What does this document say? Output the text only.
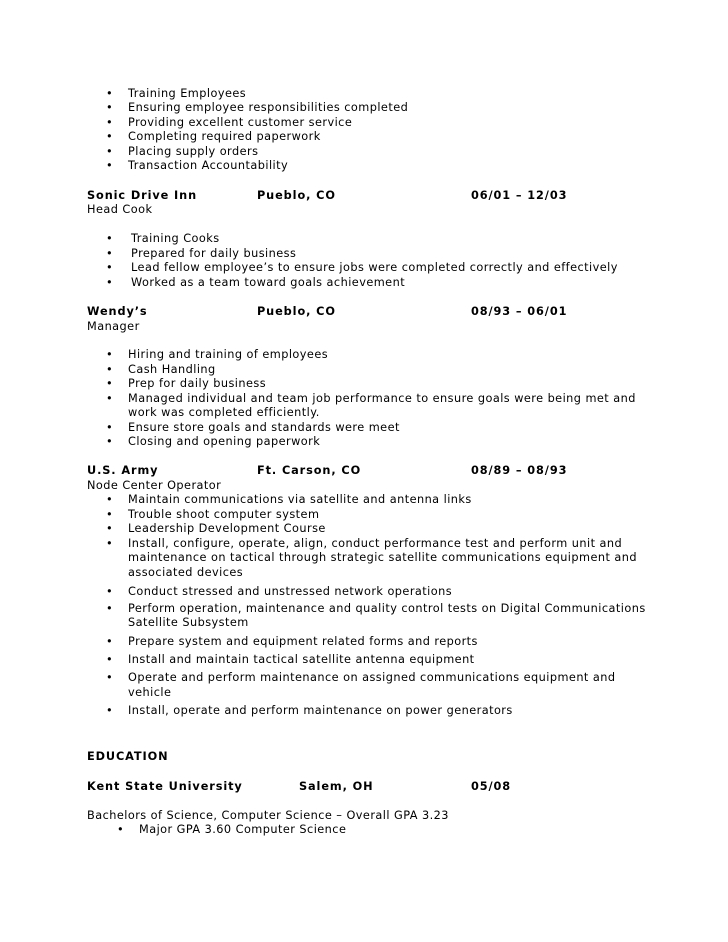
• Training Employees
• Ensuring employee responsibilities completed
• Providing excellent customer service
• Completing required paperwork
• Placing supply orders
• Transaction Accountability
Sonic Drive Inn	Pueblo, CO	06/01 – 12/03
Head Cook
• Training Cooks
• Prepared for daily business
• Lead fellow employee’s to ensure jobs were completed correctly and effectively
• Worked as a team toward goals achievement
Wendy’s	Pueblo, CO	08/93 – 06/01
Manager
• Hiring and training of employees
• Cash Handling
• Prep for daily business
• Managed individual and team job performance to ensure goals were being met and
work was completed efficiently.
• Ensure store goals and standards were meet
• Closing and opening paperwork
U.S. Army	Ft. Carson, CO	08/89 – 08/93
Node Center Operator
• Maintain communications via satellite and antenna links
• Trouble shoot computer system
• Leadership Development Course
• Install, configure, operate, align, conduct performance test and perform unit and
maintenance on tactical through strategic satellite communications equipment and
associated devices
• Conduct stressed and unstressed network operations
• Perform operation, maintenance and quality control tests on Digital Communications
Satellite Subsystem
• Prepare system and equipment related forms and reports
• Install and maintain tactical satellite antenna equipment
• Operate and perform maintenance on assigned communications equipment and
vehicle
• Install, operate and perform maintenance on power generators
EDUCATION
Kent State University	Salem, OH	05/08
Bachelors of Science, Computer Science – Overall GPA 3.23
• Major GPA 3.60 Computer Science
